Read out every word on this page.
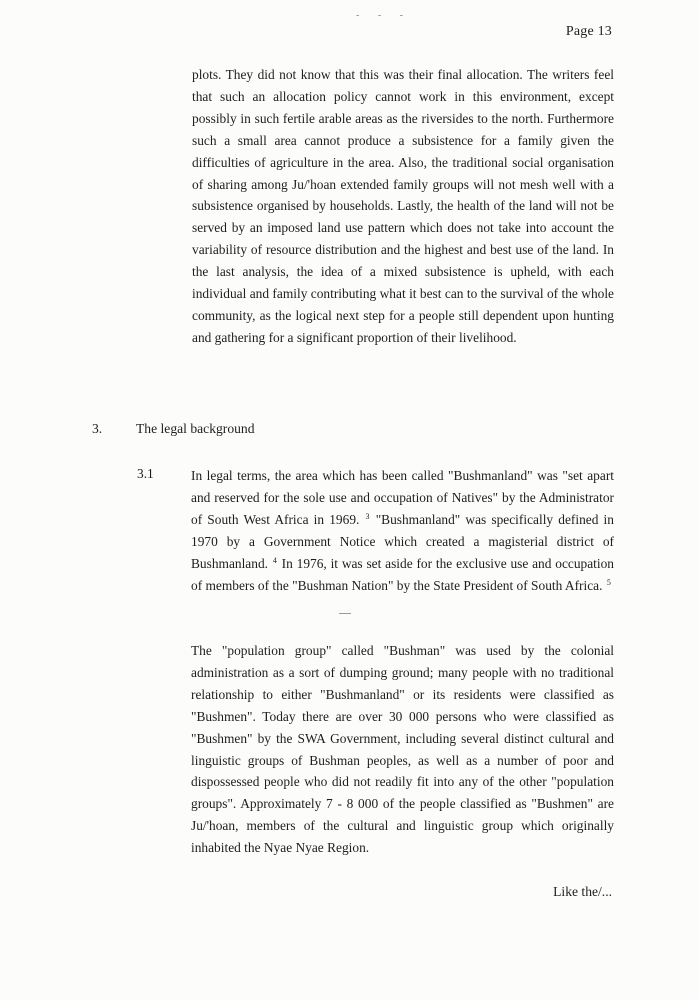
‐ ‐ ‐
Page 13

plots. They did not know that this was their final allocation. The writers feel that such an allocation policy cannot work in this environment, except possibly in such fertile arable areas as the riversides to the north. Furthermore such a small area cannot produce a subsistence for a family given the difficulties of agriculture in the area. Also, the traditional social organisation of sharing among Ju/'hoan extended family groups will not mesh well with a subsistence organised by households. Lastly, the health of the land will not be served by an imposed land use pattern which does not take into account the variability of resource distribution and the highest and best use of the land. In the last analysis, the idea of a mixed subsistence is upheld, with each individual and family contributing what it best can to the survival of the whole community, as the logical next step for a people still dependent upon hunting and gathering for a significant proportion of their livelihood.

3. The legal background
3.1	In legal terms, the area which has been called "Bushmanland" was "set apart and reserved for the sole use and occupation of Natives" by the Administrator of South West Africa in 1969. $^3$ "Bushmanland" was specifically defined in 1970 by a Government Notice which created a magisterial district of Bushmanland. $^4$ In 1976, it was set aside for the exclusive use and occupation of members of the "Bushman Nation" by the State President of South Africa. $^5$

The "population group" called "Bushman" was used by the colonial administration as a sort of dumping ground; many people with no traditional relationship to either "Bushmanland" or its residents were classified as "Bushmen". Today there are over 30 000 persons who were classified as "Bushmen" by the SWA Government, including several distinct cultural and linguistic groups of Bushman peoples, as well as a number of poor and dispossessed people who did not readily fit into any of the other "population groups". Approximately 7 - 8 000 of the people classified as "Bushmen" are Ju/'hoan, members of the cultural and linguistic group which originally inhabited the Nyae Nyae Region.

Like the/...
